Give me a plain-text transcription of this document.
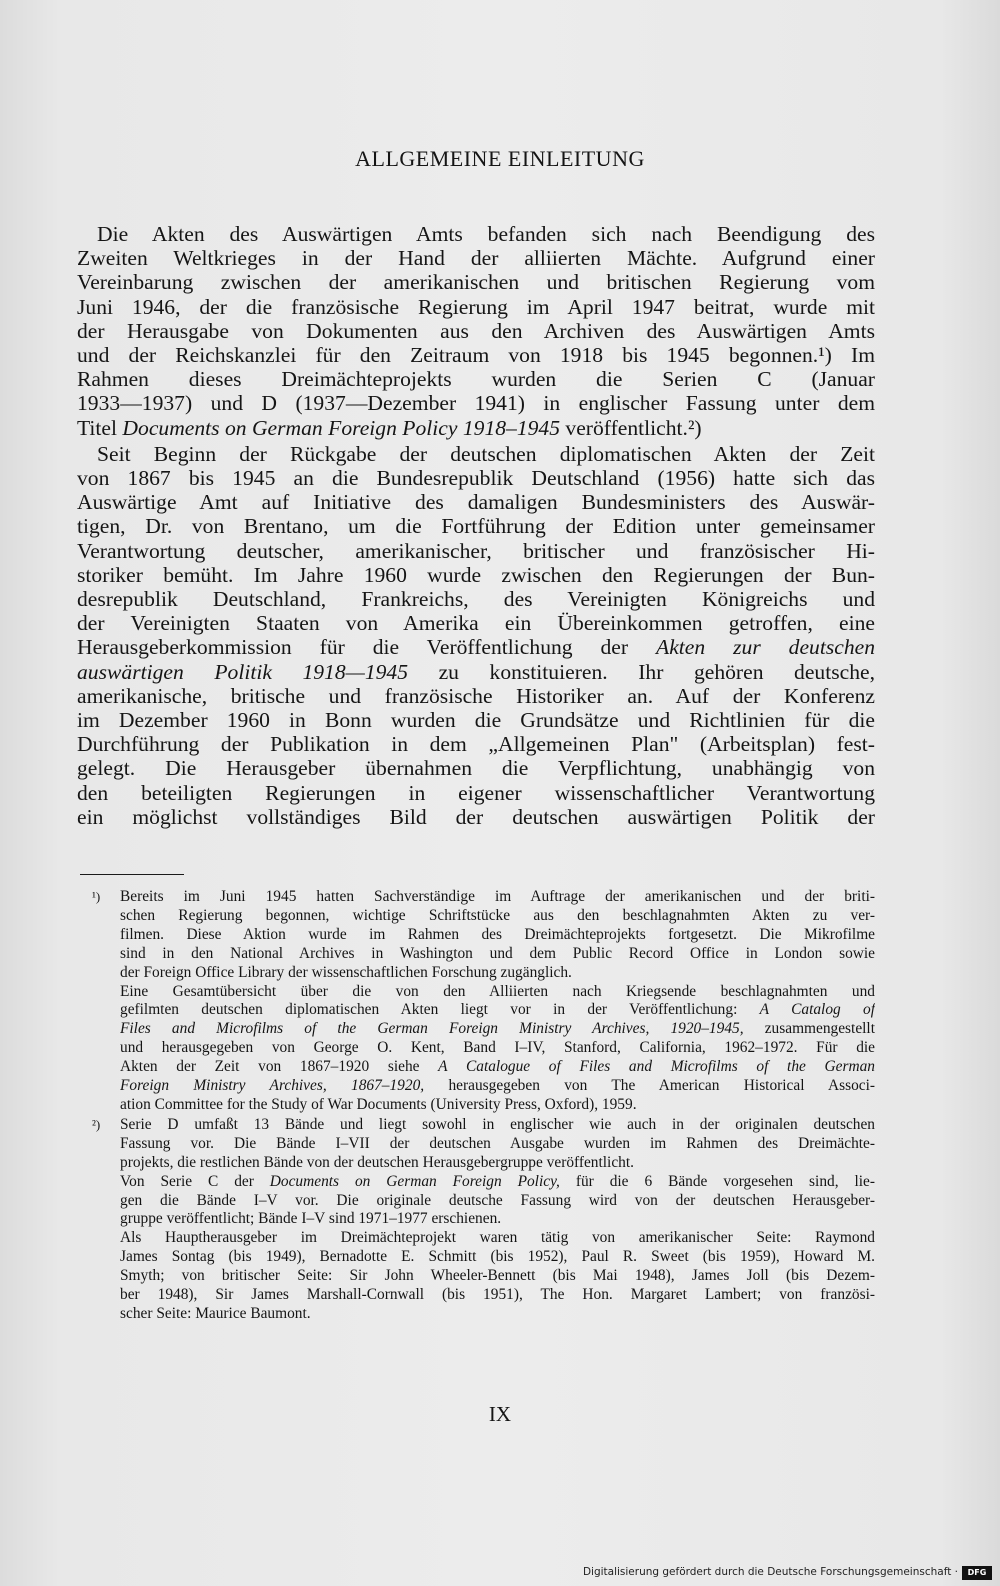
ALLGEMEINE EINLEITUNG
Die Akten des Auswärtigen Amts befanden sich nach Beendigung des
Zweiten Weltkrieges in der Hand der alliierten Mächte. Aufgrund einer
Vereinbarung zwischen der amerikanischen und britischen Regierung vom
Juni 1946, der die französische Regierung im April 1947 beitrat, wurde mit
der Herausgabe von Dokumenten aus den Archiven des Auswärtigen Amts
und der Reichskanzlei für den Zeitraum von 1918 bis 1945 begonnen.¹) Im
Rahmen dieses Dreimächteprojekts wurden die Serien C (Januar
1933—1937) und D (1937—Dezember 1941) in englischer Fassung unter dem
Titel Documents on German Foreign Policy 1918–1945 veröffentlicht.²)
Seit Beginn der Rückgabe der deutschen diplomatischen Akten der Zeit
von 1867 bis 1945 an die Bundesrepublik Deutschland (1956) hatte sich das
Auswärtige Amt auf Initiative des damaligen Bundesministers des Auswär-
tigen, Dr. von Brentano, um die Fortführung der Edition unter gemeinsamer
Verantwortung deutscher, amerikanischer, britischer und französischer Hi-
storiker bemüht. Im Jahre 1960 wurde zwischen den Regierungen der Bun-
desrepublik Deutschland, Frankreichs, des Vereinigten Königreichs und
der Vereinigten Staaten von Amerika ein Übereinkommen getroffen, eine
Herausgeberkommission für die Veröffentlichung der Akten zur deutschen
auswärtigen Politik 1918—1945 zu konstituieren. Ihr gehören deutsche,
amerikanische, britische und französische Historiker an. Auf der Konferenz
im Dezember 1960 in Bonn wurden die Grundsätze und Richtlinien für die
Durchführung der Publikation in dem „Allgemeinen Plan" (Arbeitsplan) fest-
gelegt. Die Herausgeber übernahmen die Verpflichtung, unabhängig von
den beteiligten Regierungen in eigener wissenschaftlicher Verantwortung
ein möglichst vollständiges Bild der deutschen auswärtigen Politik der
¹) Bereits im Juni 1945 hatten Sachverständige im Auftrage der amerikanischen und der briti-
schen Regierung begonnen, wichtige Schriftstücke aus den beschlagnahmten Akten zu ver-
filmen. Diese Aktion wurde im Rahmen des Dreimächteprojekts fortgesetzt. Die Mikrofilme
sind in den National Archives in Washington und dem Public Record Office in London sowie
der Foreign Office Library der wissenschaftlichen Forschung zugänglich.
Eine Gesamtübersicht über die von den Alliierten nach Kriegsende beschlagnahmten und
gefilmten deutschen diplomatischen Akten liegt vor in der Veröffentlichung: A Catalog of
Files and Microfilms of the German Foreign Ministry Archives, 1920–1945, zusammengestellt
und herausgegeben von George O. Kent, Band I–IV, Stanford, California, 1962–1972. Für die
Akten der Zeit von 1867–1920 siehe A Catalogue of Files and Microfilms of the German
Foreign Ministry Archives, 1867–1920, herausgegeben von The American Historical Associ-
ation Committee for the Study of War Documents (University Press, Oxford), 1959.
²) Serie D umfaßt 13 Bände und liegt sowohl in englischer wie auch in der originalen deutschen
Fassung vor. Die Bände I–VII der deutschen Ausgabe wurden im Rahmen des Dreimächte-
projekts, die restlichen Bände von der deutschen Herausgebergruppe veröffentlicht.
Von Serie C der Documents on German Foreign Policy, für die 6 Bände vorgesehen sind, lie-
gen die Bände I–V vor. Die originale deutsche Fassung wird von der deutschen Herausgeber-
gruppe veröffentlicht; Bände I–V sind 1971–1977 erschienen.
Als Hauptherausgeber im Dreimächteprojekt waren tätig von amerikanischer Seite: Raymond
James Sontag (bis 1949), Bernadotte E. Schmitt (bis 1952), Paul R. Sweet (bis 1959), Howard M.
Smyth; von britischer Seite: Sir John Wheeler-Bennett (bis Mai 1948), James Joll (bis Dezem-
ber 1948), Sir James Marshall-Cornwall (bis 1951), The Hon. Margaret Lambert; von französi-
scher Seite: Maurice Baumont.
IX
Digitalisierung gefördert durch die Deutsche Forschungsgemeinschaft ·	DFG
